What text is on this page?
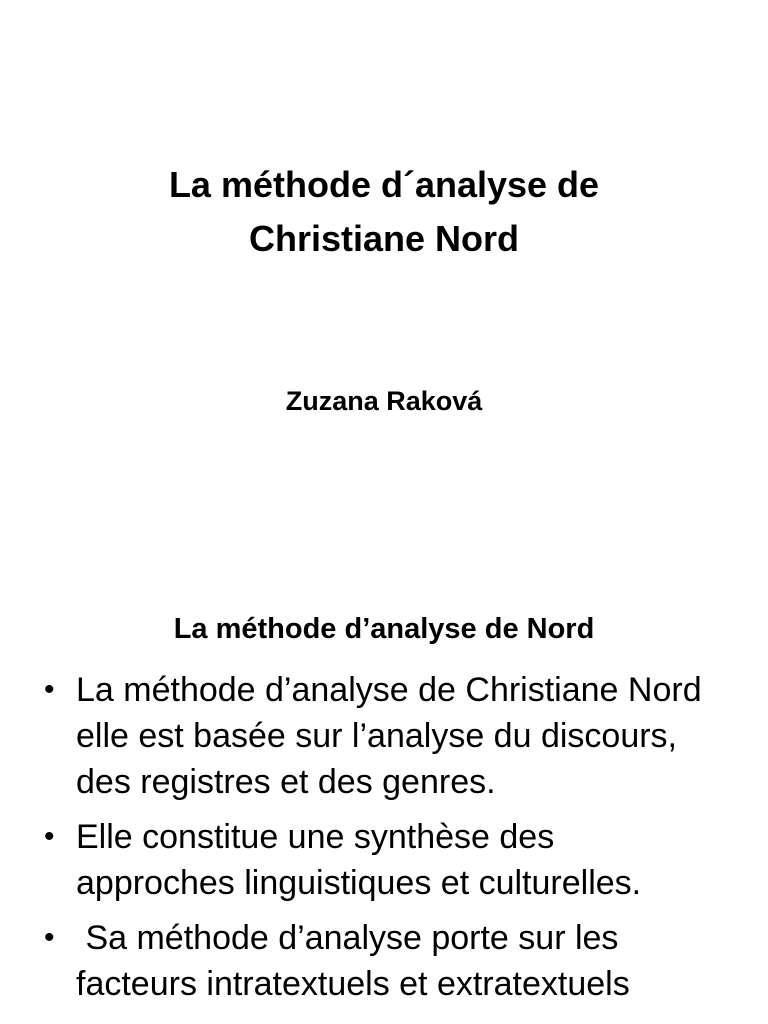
La méthode d´analyse de
Christiane Nord

Zuzana Raková

La méthode d’analyse de Nord
• La méthode d’analyse de Christiane Nord elle est basée sur l’analyse du discours, des registres et des genres.
• Elle constitue une synthèse des approches linguistiques et culturelles.
• Sa méthode d’analyse porte sur les facteurs intratextuels et extratextuels
